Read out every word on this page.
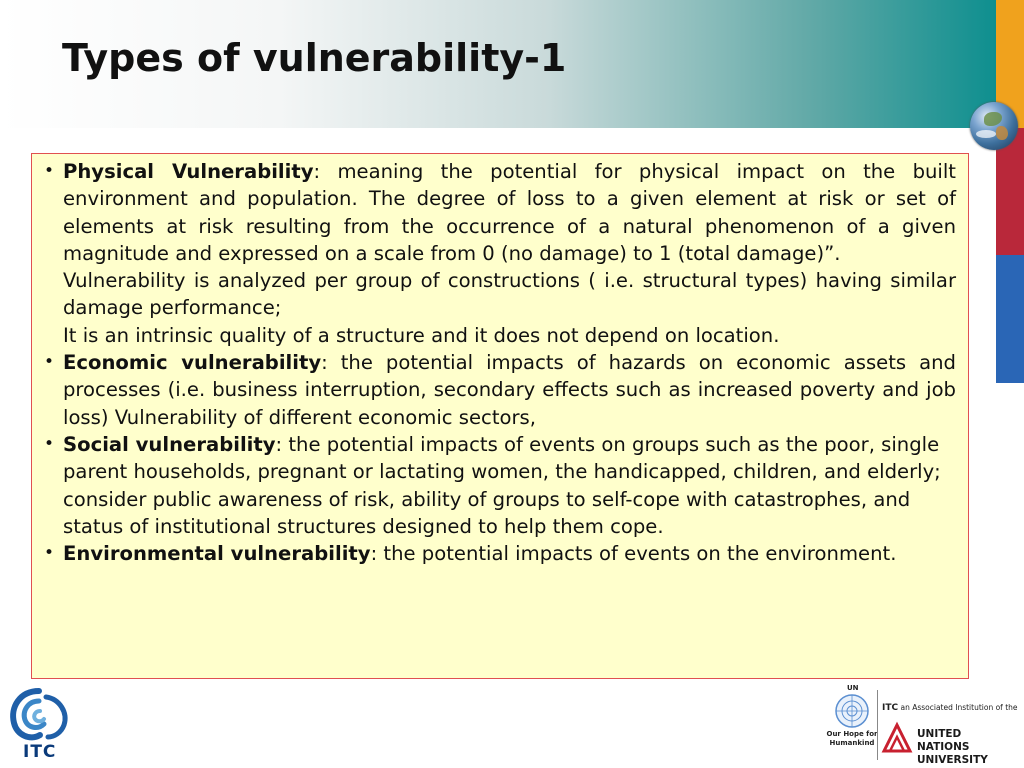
Types of vulnerability-1
• Physical Vulnerability: meaning the potential for physical impact on the built environment and population. The degree of loss to a given element at risk or set of elements at risk resulting from the occurrence of a natural phenomenon of a given magnitude and expressed on a scale from 0 (no damage) to 1 (total damage)”.

Vulnerability is analyzed per group of constructions ( i.e. structural types) having similar damage performance;

It is an intrinsic quality of a structure and it does not depend on location.

• Economic vulnerability: the potential impacts of hazards on economic assets and processes (i.e. business interruption, secondary effects such as increased poverty and job loss) Vulnerability of different economic sectors,

• Social vulnerability: the potential impacts of events on groups such as the poor, single parent households, pregnant or lactating women, the handicapped, children, and elderly; consider public awareness of risk, ability of groups to self-cope with catastrophes, and status of institutional structures designed to help them cope.

• Environmental vulnerability: the potential impacts of events on the environment.

ITC
UN
Our Hope for Humankind
ITC an Associated Institution of the
UNITED NATIONS
UNIVERSITY
